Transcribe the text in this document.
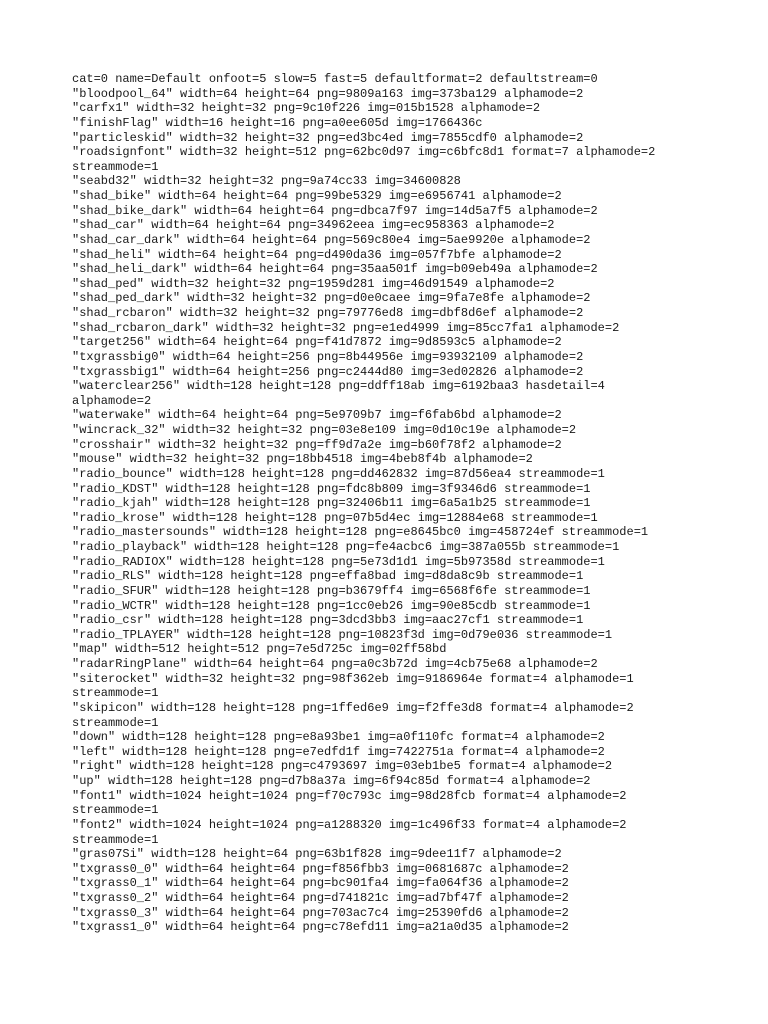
cat=0 name=Default onfoot=5 slow=5 fast=5 defaultformat=2 defaultstream=0
"bloodpool_64" width=64 height=64 png=9809a163 img=373ba129 alphamode=2
"carfx1" width=32 height=32 png=9c10f226 img=015b1528 alphamode=2
"finishFlag" width=16 height=16 png=a0ee605d img=1766436c
"particleskid" width=32 height=32 png=ed3bc4ed img=7855cdf0 alphamode=2
"roadsignfont" width=32 height=512 png=62bc0d97 img=c6bfc8d1 format=7 alphamode=2
streammode=1
"seabd32" width=32 height=32 png=9a74cc33 img=34600828
"shad_bike" width=64 height=64 png=99be5329 img=e6956741 alphamode=2
"shad_bike_dark" width=64 height=64 png=dbca7f97 img=14d5a7f5 alphamode=2
"shad_car" width=64 height=64 png=34962eea img=ec958363 alphamode=2
"shad_car_dark" width=64 height=64 png=569c80e4 img=5ae9920e alphamode=2
"shad_heli" width=64 height=64 png=d490da36 img=057f7bfe alphamode=2
"shad_heli_dark" width=64 height=64 png=35aa501f img=b09eb49a alphamode=2
"shad_ped" width=32 height=32 png=1959d281 img=46d91549 alphamode=2
"shad_ped_dark" width=32 height=32 png=d0e0caee img=9fa7e8fe alphamode=2
"shad_rcbaron" width=32 height=32 png=79776ed8 img=dbf8d6ef alphamode=2
"shad_rcbaron_dark" width=32 height=32 png=e1ed4999 img=85cc7fa1 alphamode=2
"target256" width=64 height=64 png=f41d7872 img=9d8593c5 alphamode=2
"txgrassbig0" width=64 height=256 png=8b44956e img=93932109 alphamode=2
"txgrassbig1" width=64 height=256 png=c2444d80 img=3ed02826 alphamode=2
"waterclear256" width=128 height=128 png=ddff18ab img=6192baa3 hasdetail=4
alphamode=2
"waterwake" width=64 height=64 png=5e9709b7 img=f6fab6bd alphamode=2
"wincrack_32" width=32 height=32 png=03e8e109 img=0d10c19e alphamode=2
"crosshair" width=32 height=32 png=ff9d7a2e img=b60f78f2 alphamode=2
"mouse" width=32 height=32 png=18bb4518 img=4beb8f4b alphamode=2
"radio_bounce" width=128 height=128 png=dd462832 img=87d56ea4 streammode=1
"radio_KDST" width=128 height=128 png=fdc8b809 img=3f9346d6 streammode=1
"radio_kjah" width=128 height=128 png=32406b11 img=6a5a1b25 streammode=1
"radio_krose" width=128 height=128 png=07b5d4ec img=12884e68 streammode=1
"radio_mastersounds" width=128 height=128 png=e8645bc0 img=458724ef streammode=1
"radio_playback" width=128 height=128 png=fe4acbc6 img=387a055b streammode=1
"radio_RADIOX" width=128 height=128 png=5e73d1d1 img=5b97358d streammode=1
"radio_RLS" width=128 height=128 png=effa8bad img=d8da8c9b streammode=1
"radio_SFUR" width=128 height=128 png=b3679ff4 img=6568f6fe streammode=1
"radio_WCTR" width=128 height=128 png=1cc0eb26 img=90e85cdb streammode=1
"radio_csr" width=128 height=128 png=3dcd3bb3 img=aac27cf1 streammode=1
"radio_TPLAYER" width=128 height=128 png=10823f3d img=0d79e036 streammode=1
"map" width=512 height=512 png=7e5d725c img=02ff58bd
"radarRingPlane" width=64 height=64 png=a0c3b72d img=4cb75e68 alphamode=2
"siterocket" width=32 height=32 png=98f362eb img=9186964e format=4 alphamode=1
streammode=1
"skipicon" width=128 height=128 png=1ffed6e9 img=f2ffe3d8 format=4 alphamode=2
streammode=1
"down" width=128 height=128 png=e8a93be1 img=a0f110fc format=4 alphamode=2
"left" width=128 height=128 png=e7edfd1f img=7422751a format=4 alphamode=2
"right" width=128 height=128 png=c4793697 img=03eb1be5 format=4 alphamode=2
"up" width=128 height=128 png=d7b8a37a img=6f94c85d format=4 alphamode=2
"font1" width=1024 height=1024 png=f70c793c img=98d28fcb format=4 alphamode=2
streammode=1
"font2" width=1024 height=1024 png=a1288320 img=1c496f33 format=4 alphamode=2
streammode=1
"gras07Si" width=128 height=64 png=63b1f828 img=9dee11f7 alphamode=2
"txgrass0_0" width=64 height=64 png=f856fbb3 img=0681687c alphamode=2
"txgrass0_1" width=64 height=64 png=bc901fa4 img=fa064f36 alphamode=2
"txgrass0_2" width=64 height=64 png=d741821c img=ad7bf47f alphamode=2
"txgrass0_3" width=64 height=64 png=703ac7c4 img=25390fd6 alphamode=2
"txgrass1_0" width=64 height=64 png=c78efd11 img=a21a0d35 alphamode=2
